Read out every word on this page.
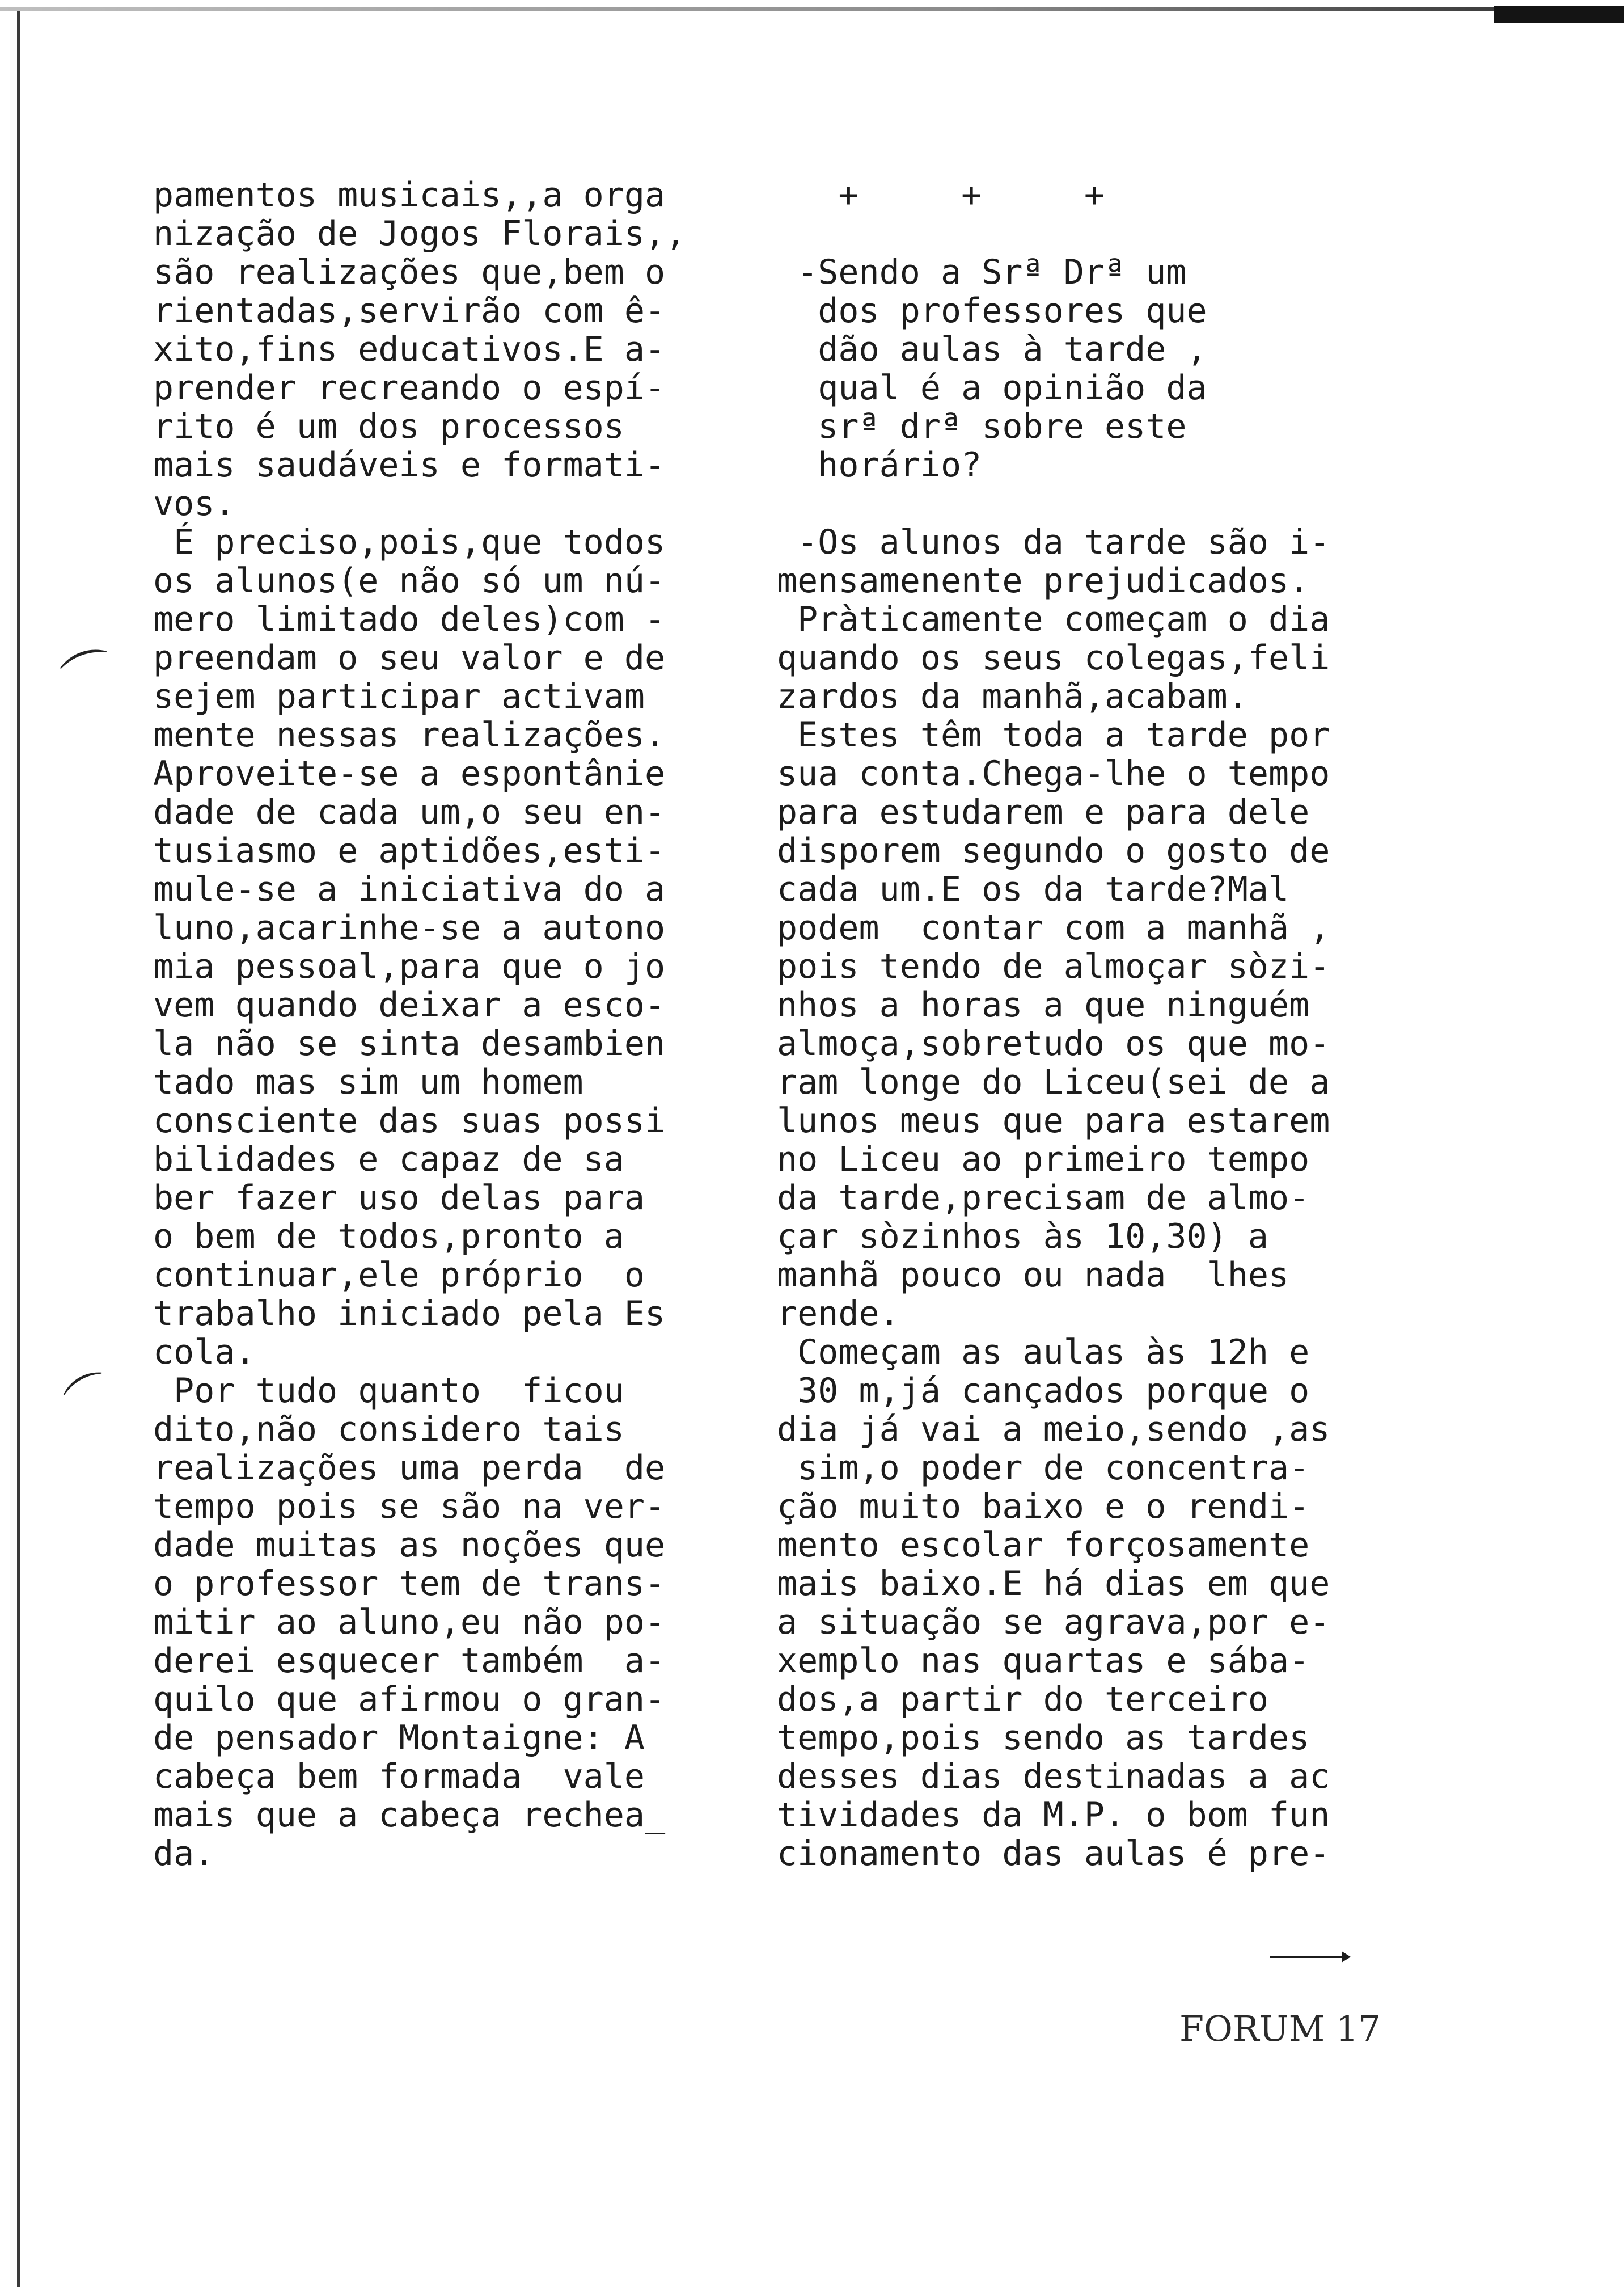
⌒
⌒
pamentos musicais,,a orga
nização de Jogos Florais,,
são realizações que,bem o
rientadas,servirão com ê-
xito,fins educativos.E a-
prender recreando o espí-
rito é um dos processos
mais saudáveis e formati-
vos.
É preciso,pois,que todos
os alunos(e não só um nú-
mero limitado deles)com -
preendam o seu valor e de
sejem participar activam
mente nessas realizações.
Aproveite-se a espontânie
dade de cada um,o seu en-
tusiasmo e aptidões,esti-
mule-se a iniciativa do a
luno,acarinhe-se a autono
mia pessoal,para que o jo
vem quando deixar a esco-
la não se sinta desambien
tado mas sim um homem
consciente das suas possi
bilidades e capaz de sa
ber fazer uso delas para
o bem de todos,pronto a
continuar,ele próprio  o
trabalho iniciado pela Es
cola.
Por tudo quanto  ficou
dito,não considero tais
realizações uma perda  de
tempo pois se são na ver-
dade muitas as noções que
o professor tem de trans-
mitir ao aluno,eu não po-
derei esquecer também  a-
quilo que afirmou o gran-
de pensador Montaigne: A
cabeça bem formada  vale
mais que a cabeça rechea_
da.
+     +     +
-Sendo a Srª Drª um
dos professores que
dão aulas à tarde ,
qual é a opinião da
srª drª sobre este
horário?
-Os alunos da tarde são i-
mensamenente prejudicados.
Pràticamente começam o dia
quando os seus colegas,feli
zardos da manhã,acabam.
Estes têm toda a tarde por
sua conta.Chega-lhe o tempo
para estudarem e para dele
disporem segundo o gosto de
cada um.E os da tarde?Mal
podem  contar com a manhã ,
pois tendo de almoçar sòzi-
nhos a horas a que ninguém
almoça,sobretudo os que mo-
ram longe do Liceu(sei de a
lunos meus que para estarem
no Liceu ao primeiro tempo
da tarde,precisam de almo-
çar sòzinhos às 10,30) a
manhã pouco ou nada  lhes
rende.
Começam as aulas às 12h e
30 m,já cançados porque o
dia já vai a meio,sendo ,as
sim,o poder de concentra-
ção muito baixo e o rendi-
mento escolar forçosamente
mais baixo.E há dias em que
a situação se agrava,por e-
xemplo nas quartas e sába-
dos,a partir do terceiro
tempo,pois sendo as tardes
desses dias destinadas a ac
tividades da M.P. o bom fun
cionamento das aulas é pre-
FORUM 17
